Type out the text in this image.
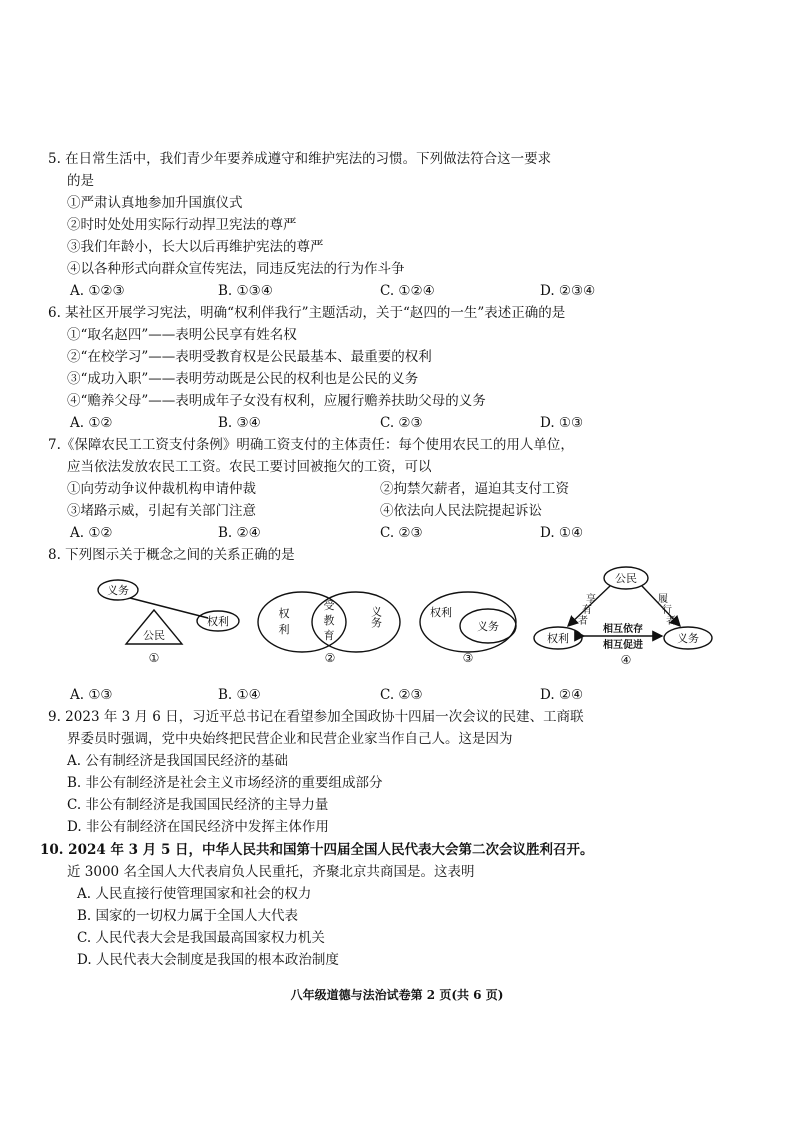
5. 在日常生活中，我们青少年要养成遵守和维护宪法的习惯。下列做法符合这一要求
的是
①严肃认真地参加升国旗仪式
②时时处处用实际行动捍卫宪法的尊严
③我们年龄小，长大以后再维护宪法的尊严
④以各种形式向群众宣传宪法，同违反宪法的行为作斗争
A. ①②③	B. ①③④	C. ①②④	D. ②③④
6. 某社区开展学习宪法，明确“权利伴我行”主题活动，关于“赵四的一生”表述正确的是
①“取名赵四”——表明公民享有姓名权
②“在校学习”——表明受教育权是公民最基本、最重要的权利
③“成功入职”——表明劳动既是公民的权利也是公民的义务
④“赡养父母”——表明成年子女没有权利，应履行赡养扶助父母的义务
A. ①②	B. ③④	C. ②③	D. ①③
7.《保障农民工工资支付条例》明确工资支付的主体责任：每个使用农民工的用人单位，
应当依法发放农民工工资。农民工要讨回被拖欠的工资，可以
①向劳动争议仲裁机构申请仲裁	②拘禁欠薪者，逼迫其支付工资
③堵路示威，引起有关部门注意	④依法向人民法院提起诉讼
A. ①②	B. ②④	C. ②③	D. ①④
8. 下列图示关于概念之间的关系正确的是
义务
权利
公民
①
权
利
受
教
育
义务
②
权利
义务
③
公民
权利	义务
享
有
者
履
行
者
相互依存
相互促进
④
A. ①③	B. ①④	C. ②③	D. ②④
9. 2023 年 3 月 6 日，习近平总书记在看望参加全国政协十四届一次会议的民建、工商联
界委员时强调，党中央始终把民营企业和民营企业家当作自己人。这是因为
A. 公有制经济是我国国民经济的基础
B. 非公有制经济是社会主义市场经济的重要组成部分
C. 非公有制经济是我国国民经济的主导力量
D. 非公有制经济在国民经济中发挥主体作用
10. 2024 年 3 月 5 日，中华人民共和国第十四届全国人民代表大会第二次会议胜利召开。
近 3000 名全国人大代表肩负人民重托，齐聚北京共商国是。这表明
A. 人民直接行使管理国家和社会的权力
B. 国家的一切权力属于全国人大代表
C. 人民代表大会是我国最高国家权力机关
D. 人民代表大会制度是我国的根本政治制度
八年级道德与法治试卷第 2 页(共 6 页)
